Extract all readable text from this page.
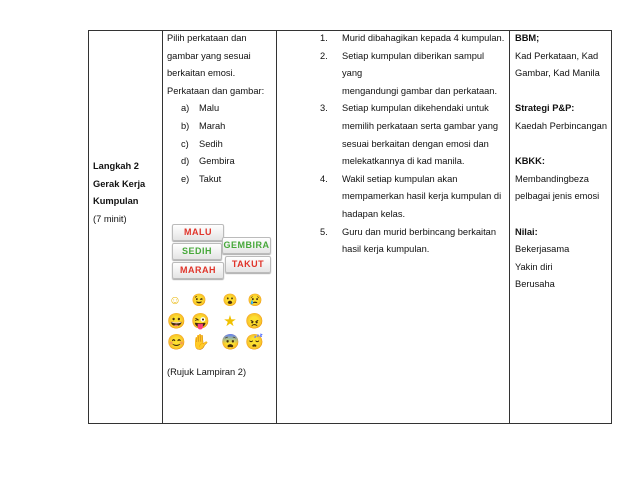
Langkah 2
Gerak Kerja
Kumpulan
(7 minit)
Pilih perkataan dan
gambar yang sesuai
berkaitan emosi.
Perkataan dan gambar:
a) Malu
b) Marah
c) Sedih
d) Gembira
e) Takut
MALU
SEDIH
GEMBIRA
MARAH
TAKUT
☺ 😉 😮 😢
😀 😜 ★ 😠
😊 ✋ 😨 😴
(Rujuk Lampiran 2)
1. Murid dibahagikan kepada 4 kumpulan.
2. Setiap kumpulan diberikan sampul yang
mengandungi gambar dan perkataan.
3. Setiap kumpulan dikehendaki untuk
memilih perkataan serta gambar yang
sesuai berkaitan dengan emosi dan
melekatkannya di kad manila.
4. Wakil setiap kumpulan akan
mempamerkan hasil kerja kumpulan di
hadapan kelas.
5. Guru dan murid berbincang berkaitan
hasil kerja kumpulan.
BBM;
Kad Perkataan, Kad
Gambar, Kad Manila
Strategi P&P:
Kaedah Perbincangan
KBKK:
Membandingbeza
pelbagai jenis emosi
Nilai:
Bekerjasama
Yakin diri
Berusaha
